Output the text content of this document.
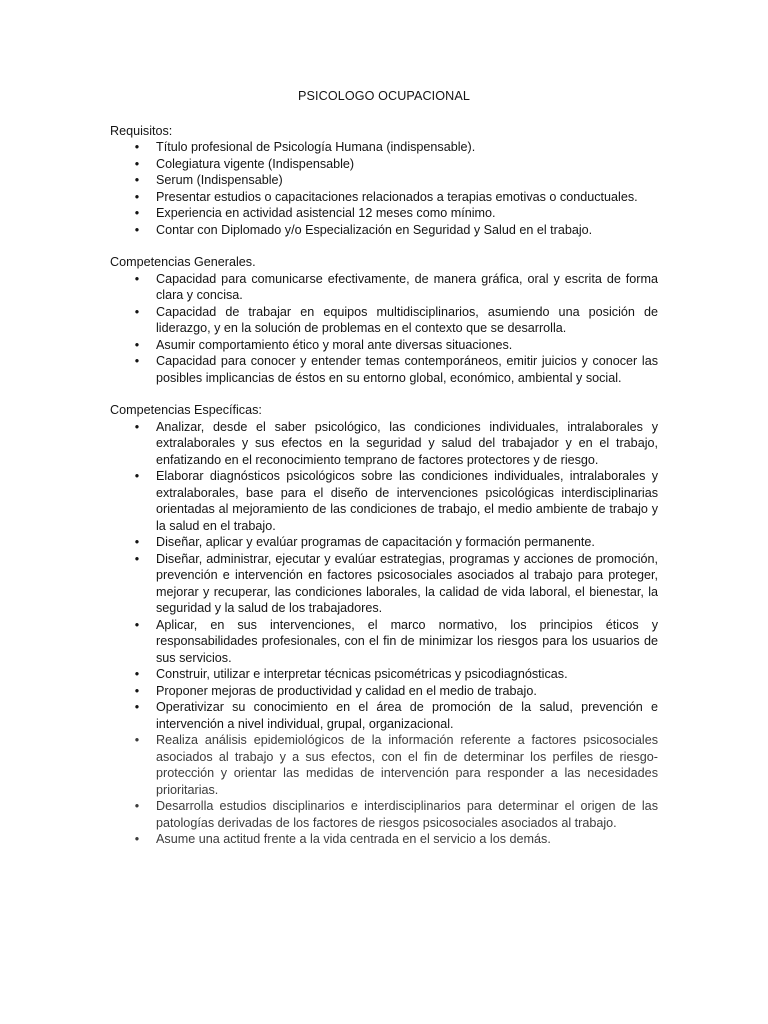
PSICOLOGO OCUPACIONAL
Requisitos:
•	Título profesional de Psicología Humana (indispensable).
•	Colegiatura vigente (Indispensable)
•	Serum (Indispensable)
•	Presentar estudios o capacitaciones relacionados a terapias emotivas o conductuales.
•	Experiencia en actividad asistencial 12 meses como mínimo.
•	Contar con Diplomado y/o Especialización en Seguridad y Salud en el trabajo.
Competencias Generales.
•	Capacidad para comunicarse efectivamente, de manera gráfica, oral y escrita de forma clara y concisa.
•	Capacidad de trabajar en equipos multidisciplinarios, asumiendo una posición de liderazgo, y en la solución de problemas en el contexto que se desarrolla.
•	Asumir comportamiento ético y moral ante diversas situaciones.
•	Capacidad para conocer y entender temas contemporáneos, emitir juicios y conocer las posibles implicancias de éstos en su entorno global, económico, ambiental y social.
Competencias Específicas:
•	Analizar, desde el saber psicológico, las condiciones individuales, intralaborales y extralaborales y sus efectos en la seguridad y salud del trabajador y en el trabajo, enfatizando en el reconocimiento temprano de factores protectores y de riesgo.
•	Elaborar diagnósticos psicológicos sobre las condiciones individuales, intralaborales y extralaborales, base para el diseño de intervenciones psicológicas interdisciplinarias orientadas al mejoramiento de las condiciones de trabajo, el medio ambiente de trabajo y la salud en el trabajo.
•	Diseñar, aplicar y evalúar programas de capacitación y formación permanente.
•	Diseñar, administrar, ejecutar y evalúar estrategias, programas y acciones de promoción, prevención e intervención en factores psicosociales asociados al trabajo para proteger, mejorar y recuperar, las condiciones laborales, la calidad de vida laboral, el bienestar, la seguridad y la salud de los trabajadores.
•	Aplicar, en sus intervenciones, el marco normativo, los principios éticos y responsabilidades profesionales, con el fin de minimizar los riesgos para los usuarios de sus servicios.
•	Construir, utilizar e interpretar técnicas psicométricas y psicodiagnósticas.
•	Proponer mejoras de productividad y calidad en el medio de trabajo.
•	Operativizar su conocimiento en el área de promoción de la salud, prevención e intervención a nivel individual, grupal, organizacional.
•	Realiza análisis epidemiológicos de la información referente a factores psicosociales asociados al trabajo y a sus efectos, con el fin de determinar los perfiles de riesgo-protección y orientar las medidas de intervención para responder a las necesidades prioritarias.
•	Desarrolla estudios disciplinarios e interdisciplinarios para determinar el origen de las patologías derivadas de los factores de riesgos psicosociales asociados al trabajo.
•	Asume una actitud frente a la vida centrada en el servicio a los demás.
